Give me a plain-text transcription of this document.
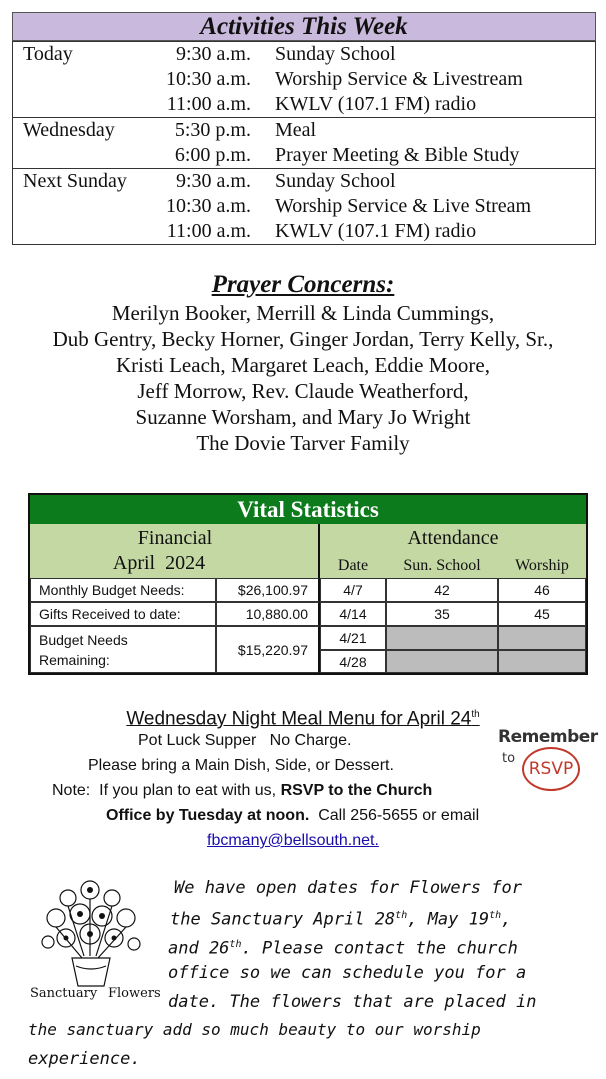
Activities This Week
Today	9:30 a.m. Sunday School
10:30 a.m. Worship Service & Livestream
11:00 a.m. KWLV (107.1 FM) radio

Wednesday	5:30 p.m. Meal
6:00 p.m. Prayer Meeting & Bible Study

Next Sunday	9:30 a.m. Sunday School
10:30 a.m. Worship Service & Live Stream
11:00 a.m. KWLV (107.1 FM) radio
Prayer Concerns:
Merilyn Booker, Merrill & Linda Cummings,
Dub Gentry, Becky Horner, Ginger Jordan, Terry Kelly, Sr.,
Kristi Leach, Margaret Leach, Eddie Moore,
Jeff Morrow, Rev. Claude Weatherford,
Suzanne Worsham, and Mary Jo Wright
The Dovie Tarver Family
Vital Statistics
Financial
April  2024
Attendance
Date	Sun. School	Worship
Monthly Budget Needs:	$26,100.97
Gifts Received to date:	10,880.00
Budget Needs
Remaining:
$15,220.97
4/7	42	46
4/14	35	45
4/21
4/28
Wednesday Night Meal Menu for April 24th
Pot Luck Supper   No Charge.
Please bring a Main Dish, Side, or Dessert.
Note:  If you plan to eat with us, RSVP to the Church
Office by Tuesday at noon.  Call 256-5655 or email
fbcmany@bellsouth.net.
Remember
to
RSVP
Sanctuary Flowers
We have open dates for Flowers for
the Sanctuary April 28th, May 19th,
and 26th. Please contact the church
office so we can schedule you for a
date. The flowers that are placed in
the sanctuary add so much beauty to our worship
experience.
